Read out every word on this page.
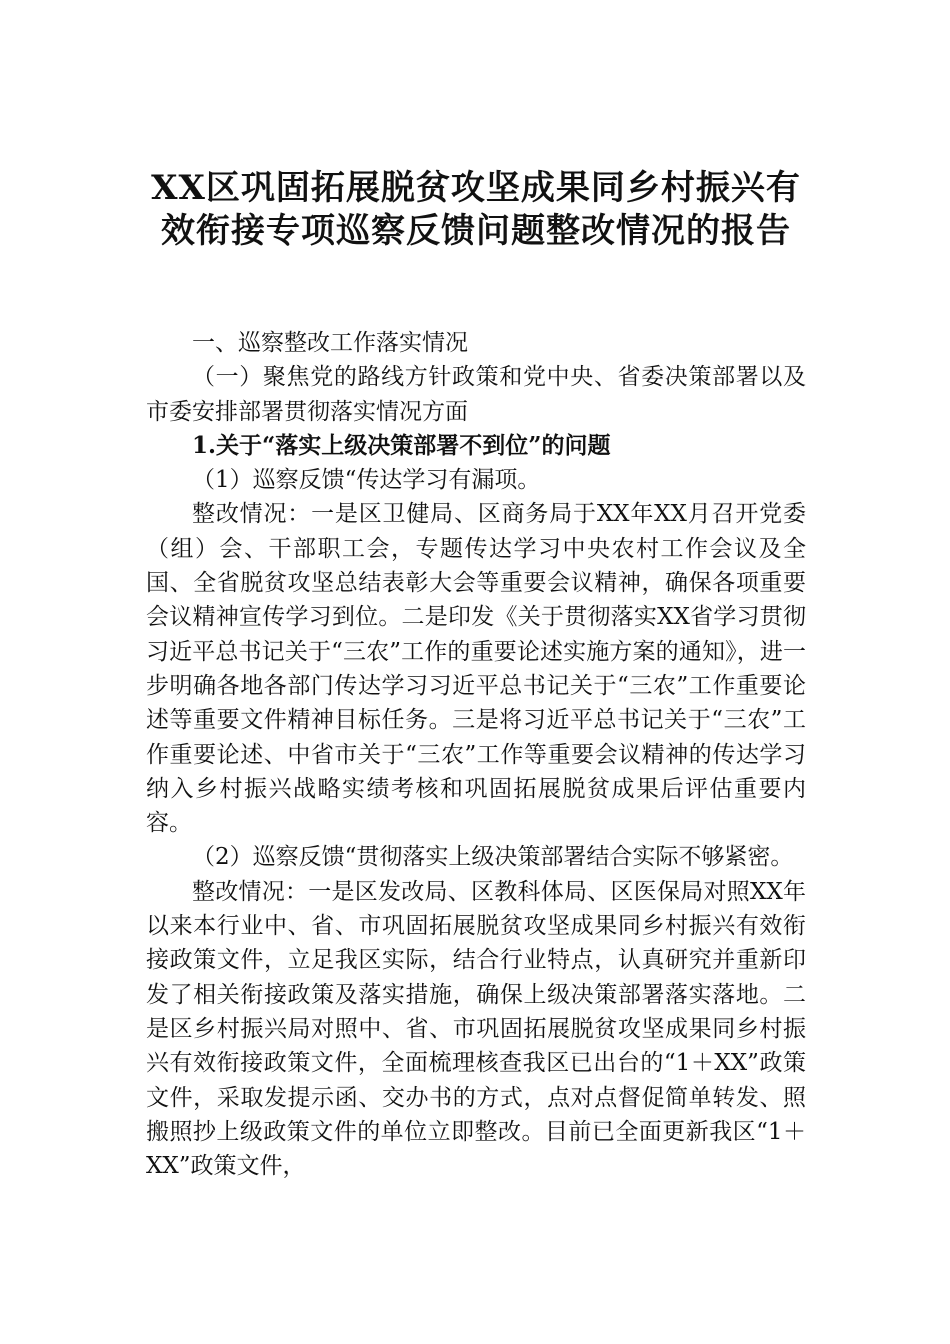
XX区巩固拓展脱贫攻坚成果同乡村振兴有
效衔接专项巡察反馈问题整改情况的报告

一、巡察整改工作落实情况

（一）聚焦党的路线方针政策和党中央、省委决策部署以及市委安排部署贯彻落实情况方面

1.关于“落实上级决策部署不到位”的问题

（1）巡察反馈“传达学习有漏项。

整改情况：一是区卫健局、区商务局于XX年XX月召开党委（组）会、干部职工会，专题传达学习中央农村工作会议及全国、全省脱贫攻坚总结表彰大会等重要会议精神，确保各项重要会议精神宣传学习到位。二是印发《关于贯彻落实XX省学习贯彻习近平总书记关于“三农”工作的重要论述实施方案的通知》，进一步明确各地各部门传达学习习近平总书记关于“三农”工作重要论述等重要文件精神目标任务。三是将习近平总书记关于“三农”工作重要论述、中省市关于“三农”工作等重要会议精神的传达学习纳入乡村振兴战略实绩考核和巩固拓展脱贫成果后评估重要内容。

（2）巡察反馈“贯彻落实上级决策部署结合实际不够紧密。

整改情况：一是区发改局、区教科体局、区医保局对照XX年以来本行业中、省、市巩固拓展脱贫攻坚成果同乡村振兴有效衔接政策文件，立足我区实际，结合行业特点，认真研究并重新印发了相关衔接政策及落实措施，确保上级决策部署落实落地。二是区乡村振兴局对照中、省、市巩固拓展脱贫攻坚成果同乡村振兴有效衔接政策文件，全面梳理核查我区已出台的“1＋XX”政策文件，采取发提示函、交办书的方式，点对点督促简单转发、照搬照抄上级政策文件的单位立即整改。目前已全面更新我区“1＋XX”政策文件，
